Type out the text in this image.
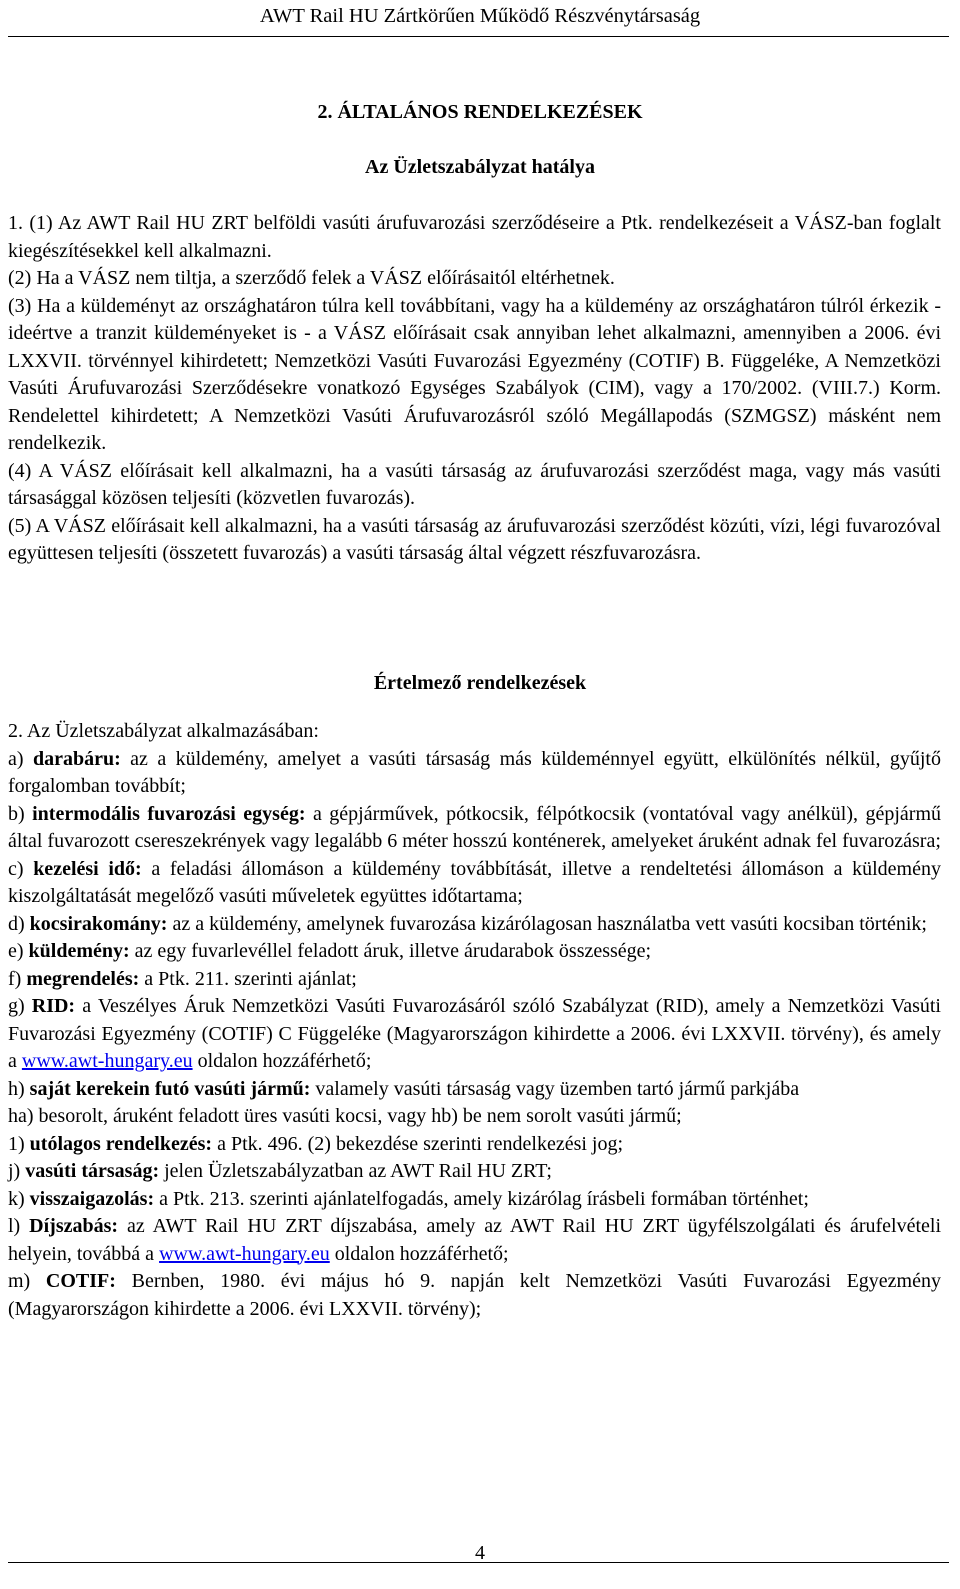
AWT Rail HU Zártkörűen Működő Részvénytársaság
2. ÁLTALÁNOS RENDELKEZÉSEK
Az Üzletszabályzat hatálya

1. (1) Az AWT Rail HU ZRT belföldi vasúti árufuvarozási szerződéseire a Ptk. rendelkezéseit a VÁSZ-ban foglalt kiegészítésekkel kell alkalmazni.

(2) Ha a VÁSZ nem tiltja, a szerződő felek a VÁSZ előírásaitól eltérhetnek.

(3) Ha a küldeményt az országhatáron túlra kell továbbítani, vagy ha a küldemény az országhatáron túlról érkezik - ideértve a tranzit küldeményeket is - a VÁSZ előírásait csak annyiban lehet alkalmazni, amennyiben a 2006. évi LXXVII. törvénnyel kihirdetett; Nemzetközi Vasúti Fuvarozási Egyezmény (COTIF) B. Függeléke, A Nemzetközi Vasúti Árufuvarozási Szerződésekre vonatkozó Egységes Szabályok (CIM), vagy a 170/2002. (VIII.7.) Korm. Rendelettel kihirdetett; A Nemzetközi Vasúti Árufuvarozásról szóló Megállapodás (SZMGSZ) másként nem rendelkezik.

(4) A VÁSZ előírásait kell alkalmazni, ha a vasúti társaság az árufuvarozási szerződést maga, vagy más vasúti társasággal közösen teljesíti (közvetlen fuvarozás).

(5) A VÁSZ előírásait kell alkalmazni, ha a vasúti társaság az árufuvarozási szerződést közúti, vízi, légi fuvarozóval együttesen teljesíti (összetett fuvarozás) a vasúti társaság által végzett részfuvarozásra.

Értelmező rendelkezések

2. Az Üzletszabályzat alkalmazásában:

a) darabáru: az a küldemény, amelyet a vasúti társaság más küldeménnyel együtt, elkülönítés nélkül, gyűjtő forgalomban továbbít;

b) intermodális fuvarozási egység: a gépjárművek, pótkocsik, félpótkocsik (vontatóval vagy anélkül), gépjármű által fuvarozott csereszekrények vagy legalább 6 méter hosszú konténerek, amelyeket áruként adnak fel fuvarozásra;

c) kezelési idő: a feladási állomáson a küldemény továbbítását, illetve a rendeltetési állomáson a küldemény kiszolgáltatását megelőző vasúti műveletek együttes időtartama;

d) kocsirakomány: az a küldemény, amelynek fuvarozása kizárólagosan használatba vett vasúti kocsiban történik;

e) küldemény: az egy fuvarlevéllel feladott áruk, illetve árudarabok összessége;

f) megrendelés: a Ptk. 211. szerinti ajánlat;

g) RID: a Veszélyes Áruk Nemzetközi Vasúti Fuvarozásáról szóló Szabályzat (RID), amely a Nemzetközi Vasúti Fuvarozási Egyezmény (COTIF) C Függeléke (Magyarországon kihirdette a 2006. évi LXXVII. törvény), és amely a www.awt-hungary.eu oldalon hozzáférhető;

h) saját kerekein futó vasúti jármű: valamely vasúti társaság vagy üzemben tartó jármű parkjába

ha) besorolt, áruként feladott üres vasúti kocsi, vagy hb) be nem sorolt vasúti jármű;

1) utólagos rendelkezés: a Ptk. 496. (2) bekezdése szerinti rendelkezési jog;

j) vasúti társaság: jelen Üzletszabályzatban az AWT Rail HU ZRT;

k) visszaigazolás: a Ptk. 213. szerinti ajánlatelfogadás, amely kizárólag írásbeli formában történhet;

l) Díjszabás: az AWT Rail HU ZRT díjszabása, amely az AWT Rail HU ZRT ügyfélszolgálati és árufelvételi helyein, továbbá a www.awt-hungary.eu oldalon hozzáférhető;

m) COTIF: Bernben, 1980. évi május hó 9. napján kelt Nemzetközi Vasúti Fuvarozási Egyezmény (Magyarországon kihirdette a 2006. évi LXXVII. törvény);

4
